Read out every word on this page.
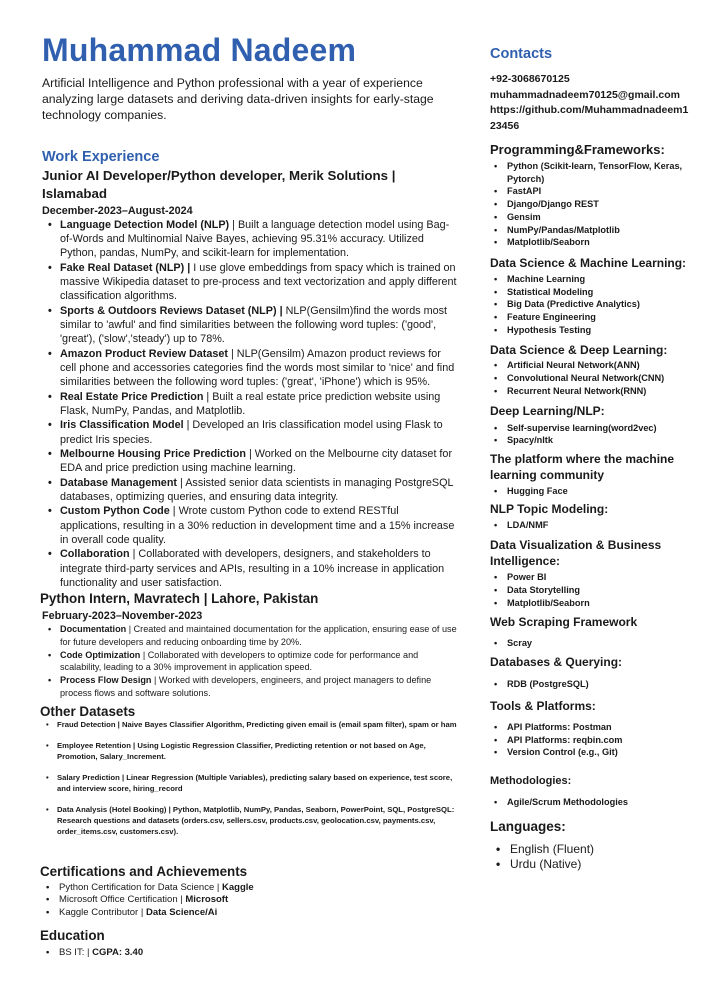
Muhammad Nadeem
Artificial Intelligence and Python professional with a year of experience analyzing large datasets and deriving data-driven insights for early-stage technology companies.
Work Experience
Junior AI Developer/Python developer, Merik Solutions | Islamabad
December-2023–August-2024
• Language Detection Model (NLP) | Built a language detection model using Bag-of-Words and Multinomial Naive Bayes, achieving 95.31% accuracy. Utilized Python, pandas, NumPy, and scikit-learn for implementation.
• Fake Real Dataset (NLP) | I use glove embeddings from spacy which is trained on massive Wikipedia dataset to pre-process and text vectorization and apply different classification algorithms.
• Sports & Outdoors Reviews Dataset (NLP) | NLP(Gensilm)find the words most similar to 'awful' and find similarities between the following word tuples: ('good', 'great'), ('slow','steady') up to 78%.
• Amazon Product Review Dataset | NLP(Gensilm) Amazon product reviews for cell phone and accessories categories find the words most similar to 'nice' and find similarities between the following word tuples: ('great', 'iPhone') which is 95%.
• Real Estate Price Prediction | Built a real estate price prediction website using Flask, NumPy, Pandas, and Matplotlib.
• Iris Classification Model | Developed an Iris classification model using Flask to predict Iris species.
• Melbourne Housing Price Prediction | Worked on the Melbourne city dataset for EDA and price prediction using machine learning.
• Database Management | Assisted senior data scientists in managing PostgreSQL databases, optimizing queries, and ensuring data integrity.
• Custom Python Code | Wrote custom Python code to extend RESTful applications, resulting in a 30% reduction in development time and a 15% increase in overall code quality.
• Collaboration | Collaborated with developers, designers, and stakeholders to integrate third-party services and APIs, resulting in a 10% increase in application functionality and user satisfaction.
Python Intern, Mavratech | Lahore, Pakistan
February-2023–November-2023
• Documentation | Created and maintained documentation for the application, ensuring ease of use for future developers and reducing onboarding time by 20%.
• Code Optimization | Collaborated with developers to optimize code for performance and scalability, leading to a 30% improvement in application speed.
• Process Flow Design | Worked with developers, engineers, and project managers to define process flows and software solutions.
Other Datasets
• Fraud Detection | Naive Bayes Classifier Algorithm, Predicting given email is (email spam filter), spam or ham
• Employee Retention | Using Logistic Regression Classifier, Predicting retention or not based on Age, Promotion, Salary_Increment.
• Salary Prediction | Linear Regression (Multiple Variables), predicting salary based on experience, test score, and interview score, hiring_record
• Data Analysis (Hotel Booking) | Python, Matplotlib, NumPy, Pandas, Seaborn, PowerPoint, SQL, PostgreSQL: Research questions and datasets (orders.csv, sellers.csv, products.csv, geolocation.csv, payments.csv, order_items.csv, customers.csv).
Certifications and Achievements
• Python Certification for Data Science | Kaggle
• Microsoft Office Certification | Microsoft
• Kaggle Contributor | Data Science/Ai
Education
• BS IT: | CGPA: 3.40
Contacts
+92-3068670125
muhammadnadeem70125@gmail.com
https://github.com/Muhammadnadeem123456
Programming&Frameworks:
• Python (Scikit-learn, TensorFlow, Keras, Pytorch)
• FastAPI
• Django/Django REST
• Gensim
• NumPy/Pandas/Matplotlib
• Matplotlib/Seaborn
Data Science & Machine Learning:
• Machine Learning
• Statistical Modeling
• Big Data (Predictive Analytics)
• Feature Engineering
• Hypothesis Testing
Data Science & Deep Learning:
• Artificial Neural Network(ANN)
• Convolutional Neural Network(CNN)
• Recurrent Neural Network(RNN)
Deep Learning/NLP:
• Self-supervise learning(word2vec)
• Spacy/nltk
The platform where the machine learning community
• Hugging Face
NLP Topic Modeling:
• LDA/NMF
Data Visualization & Business Intelligence:
• Power BI
• Data Storytelling
• Matplotlib/Seaborn
Web Scraping Framework
• Scray
Databases & Querying:
• RDB (PostgreSQL)
Tools & Platforms:
• API Platforms: Postman
• API Platforms: reqbin.com
• Version Control (e.g., Git)
Methodologies:
• Agile/Scrum Methodologies
Languages:
• English (Fluent)
• Urdu (Native)
